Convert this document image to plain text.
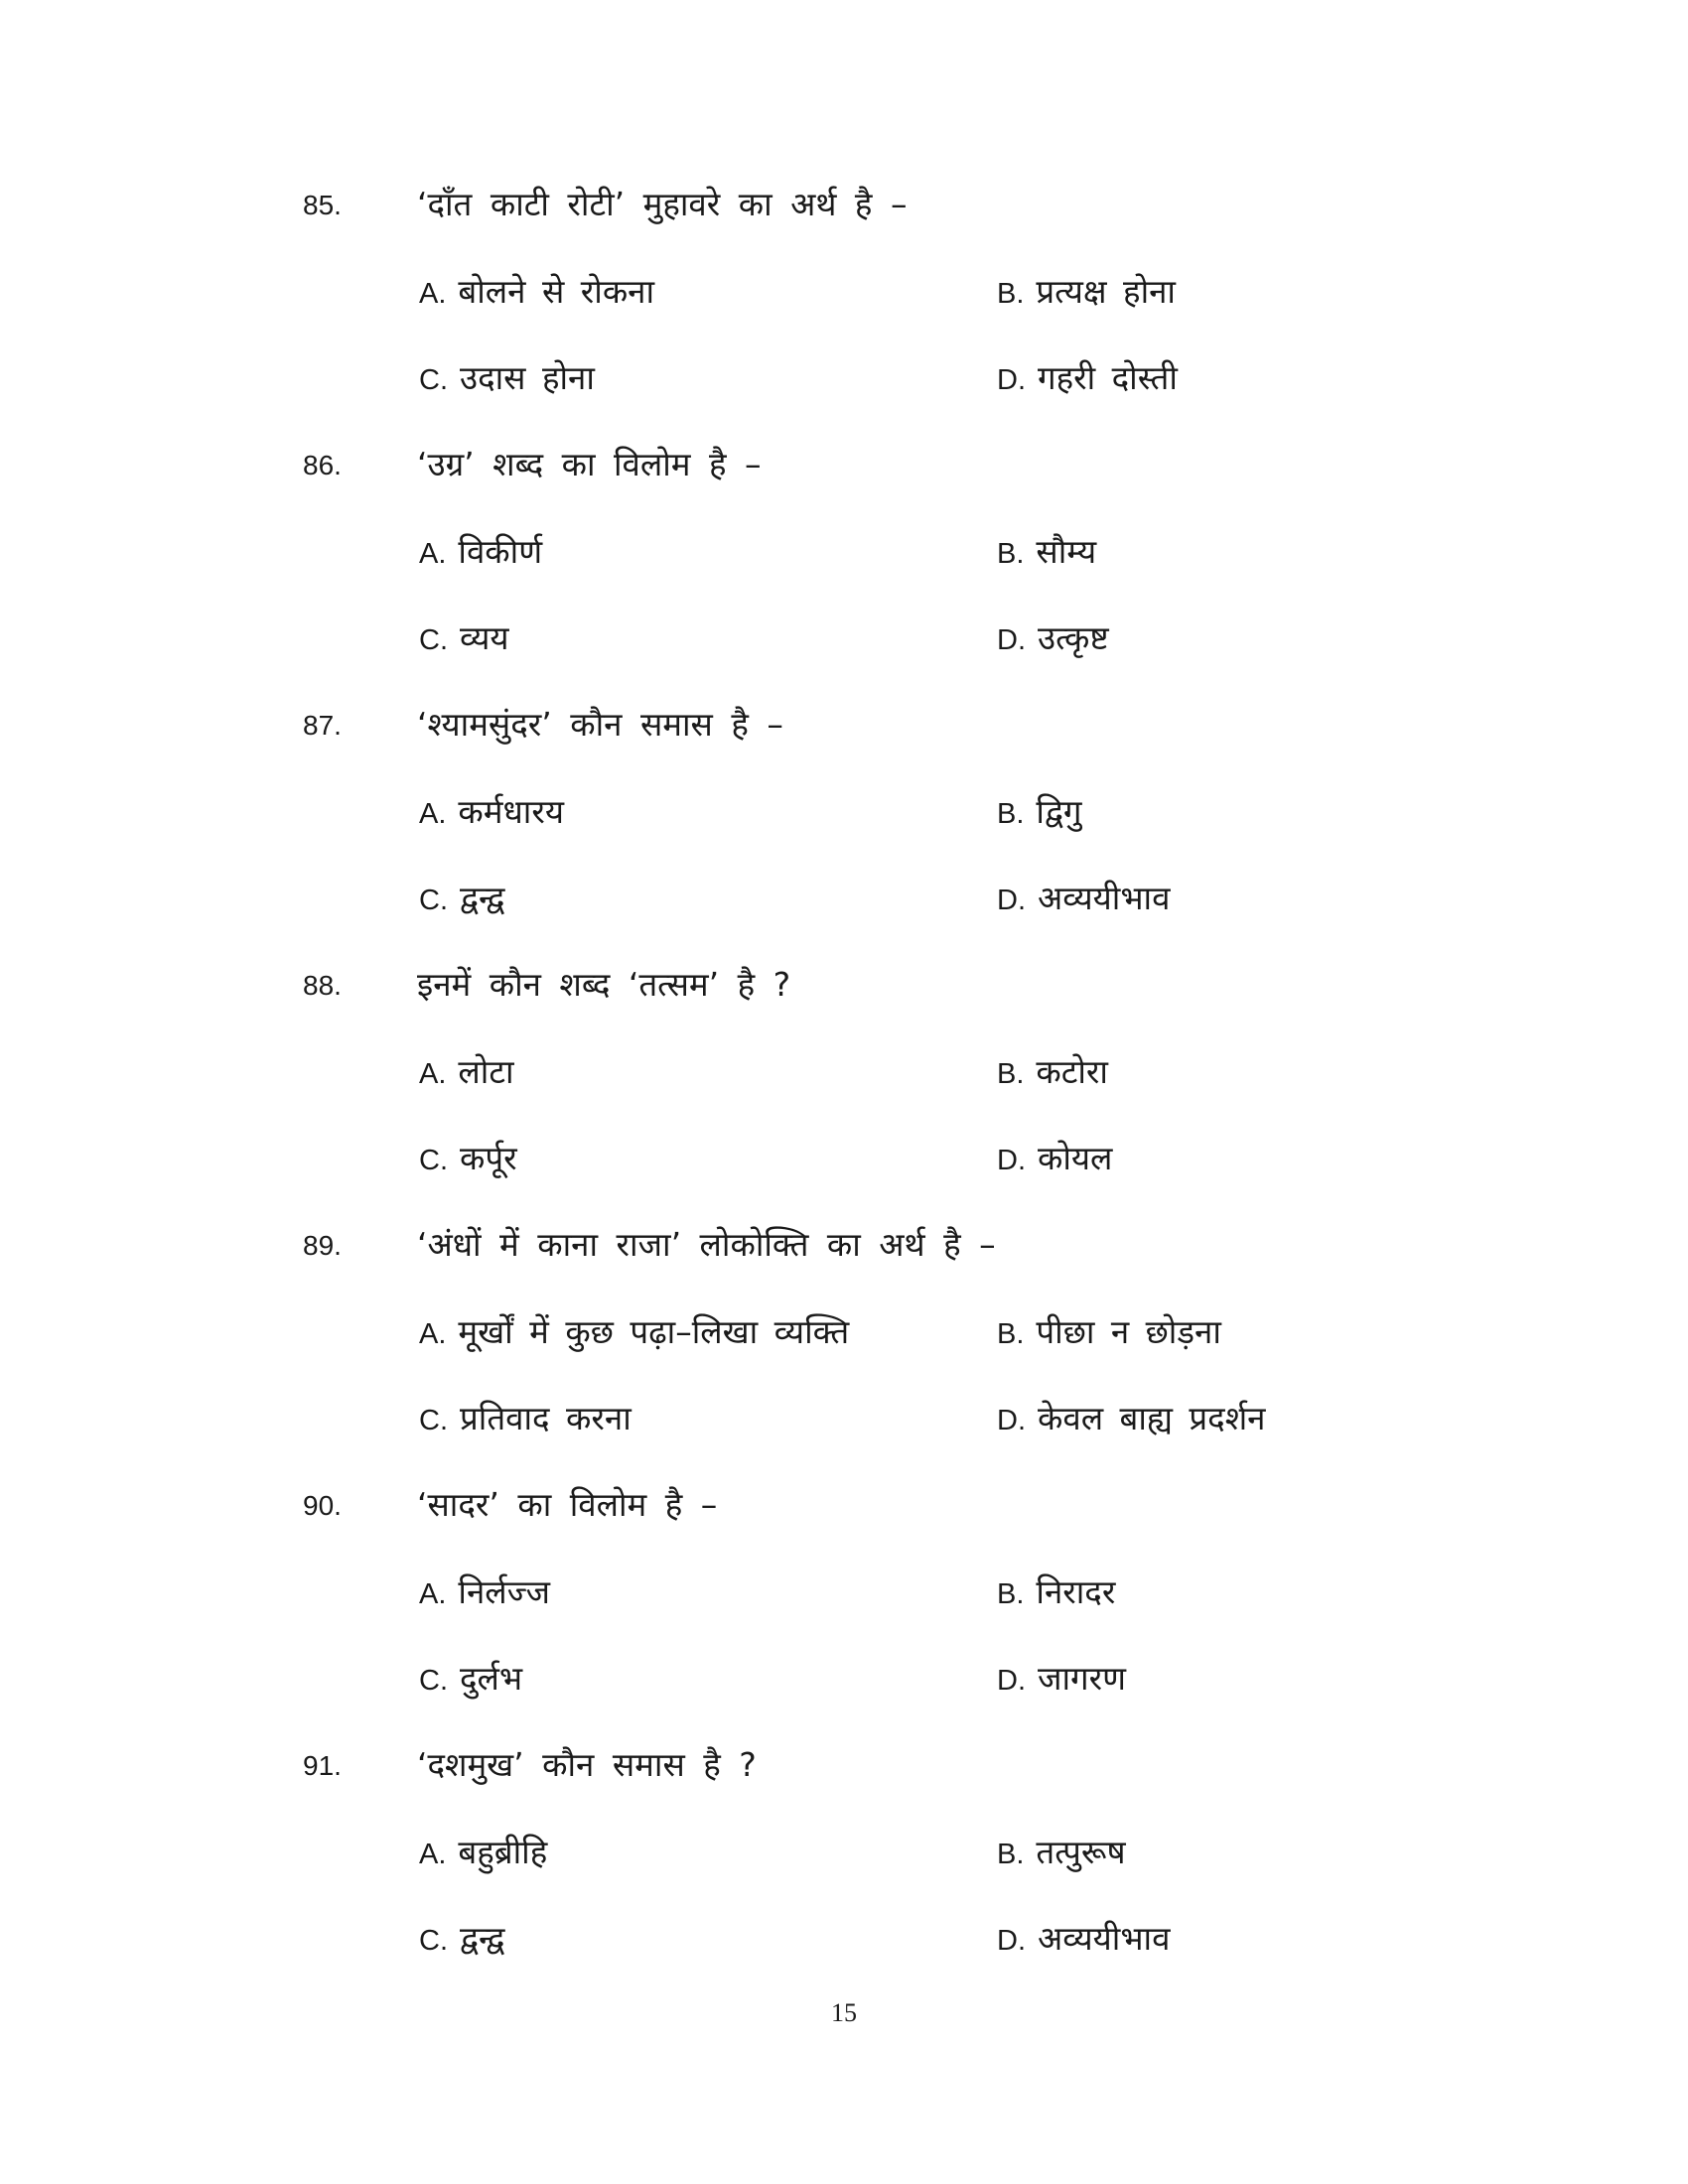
85. ‘दाँत काटी रोटी’ मुहावरे का अर्थ है –
A. बोलने से रोकना	B. प्रत्यक्ष होना
C. उदास होना	D. गहरी दोस्ती
86. ‘उग्र’ शब्द का विलोम है –
A. विकीर्ण	B. सौम्य
C. व्यय	D. उत्कृष्ट
87. ‘श्यामसुंदर’ कौन समास है –
A. कर्मधारय	B. द्विगु
C. द्वन्द्व	D. अव्ययीभाव
88. इनमें कौन शब्द ‘तत्सम’ है ?
A. लोटा	B. कटोरा
C. कर्पूर	D. कोयल
89. ‘अंधों में काना राजा’ लोकोक्ति का अर्थ है –
A. मूर्खों में कुछ पढ़ा–लिखा व्यक्ति	B. पीछा न छोड़ना
C. प्रतिवाद करना	D. केवल बाह्य प्रदर्शन
90. ‘सादर’ का विलोम है –
A. निर्लज्ज	B. निरादर
C. दुर्लभ	D. जागरण
91. ‘दशमुख’ कौन समास है ?
A. बहुब्रीहि	B. तत्पुरूष
C. द्वन्द्व	D. अव्ययीभाव
15
